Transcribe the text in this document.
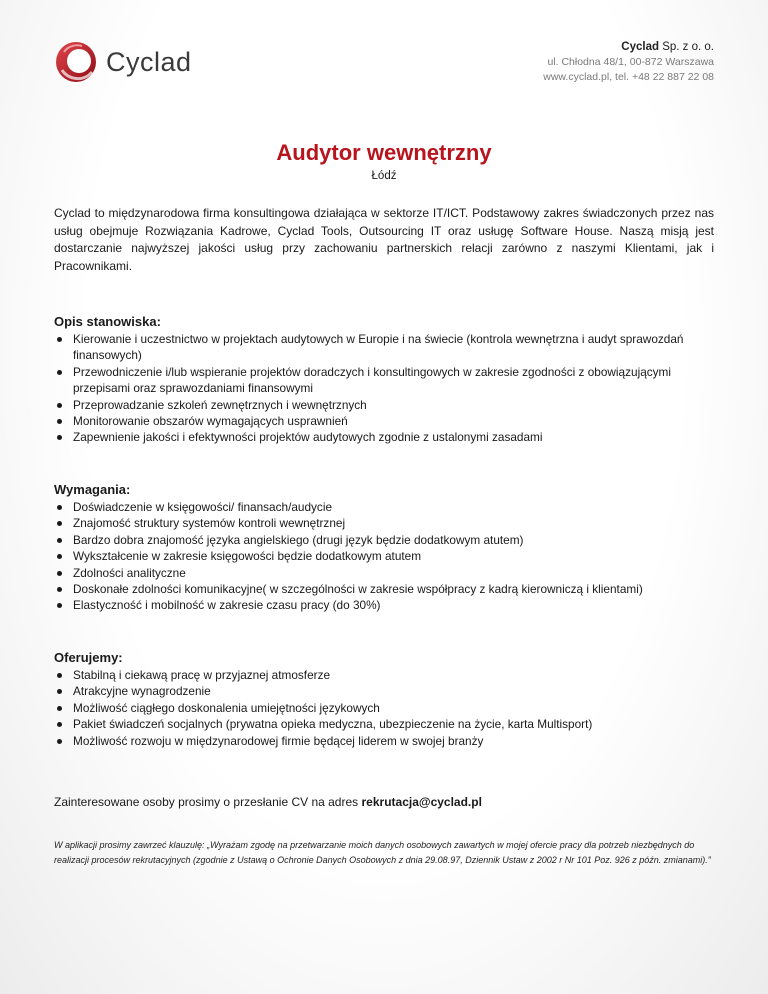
Cyclad	Cyclad Sp. z o. o.
ul. Chłodna 48/1, 00-872 Warszawa
www.cyclad.pl, tel. +48 22 887 22 08
Audytor wewnętrzny
Łódź
Cyclad to międzynarodowa firma konsultingowa działająca w sektorze IT/ICT. Podstawowy zakres świadczonych przez nas usług obejmuje Rozwiązania Kadrowe, Cyclad Tools, Outsourcing IT oraz usługę Software House. Naszą misją jest dostarczanie najwyższej jakości usług przy zachowaniu partnerskich relacji zarówno z naszymi Klientami, jak i Pracownikami.
Opis stanowiska:
Kierowanie i uczestnictwo w projektach audytowych w Europie i na świecie (kontrola wewnętrzna i audyt sprawozdań finansowych)
Przewodniczenie i/lub wspieranie projektów doradczych i konsultingowych w zakresie zgodności z obowiązującymi przepisami oraz sprawozdaniami finansowymi
Przeprowadzanie szkoleń zewnętrznych i wewnętrznych
Monitorowanie obszarów wymagających usprawnień
Zapewnienie jakości i efektywności projektów audytowych zgodnie z ustalonymi zasadami
Wymagania:
Doświadczenie w księgowości/ finansach/audycie
Znajomość struktury systemów kontroli wewnętrznej
Bardzo dobra znajomość języka angielskiego (drugi język będzie dodatkowym atutem)
Wykształcenie w zakresie księgowości będzie dodatkowym atutem
Zdolności analityczne
Doskonałe zdolności komunikacyjne( w szczególności w zakresie współpracy z kadrą kierowniczą i klientami)
Elastyczność i mobilność w zakresie czasu pracy (do 30%)
Oferujemy:
Stabilną i ciekawą pracę w przyjaznej atmosferze
Atrakcyjne wynagrodzenie
Możliwość ciągłego doskonalenia umiejętności językowych
Pakiet świadczeń socjalnych (prywatna opieka medyczna, ubezpieczenie na życie, karta Multisport)
Możliwość rozwoju w międzynarodowej firmie będącej liderem w swojej branży
Zainteresowane osoby prosimy o przesłanie CV na adres rekrutacja@cyclad.pl
W aplikacji prosimy zawrzeć klauzulę: „Wyrażam zgodę na przetwarzanie moich danych osobowych zawartych w mojej ofercie pracy dla potrzeb niezbędnych do realizacji procesów rekrutacyjnych (zgodnie z Ustawą o Ochronie Danych Osobowych z dnia 29.08.97, Dziennik Ustaw z 2002 r Nr 101 Poz. 926 z późn. zmianami).”
